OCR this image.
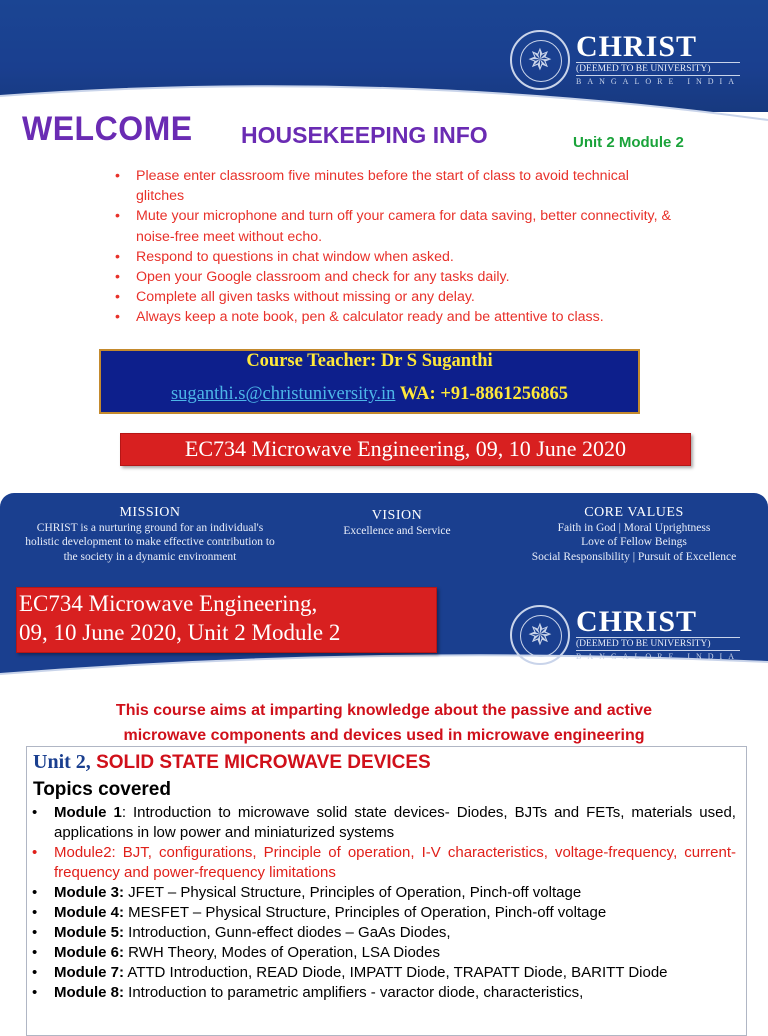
✵ CHRIST
(DEEMED TO BE UNIVERSITY)
BANGALORE INDIA
WELCOME HOUSEKEEPING INFO	Unit 2 Module 2
• Please enter classroom five minutes before the start of class to avoid technical glitches
• Mute your microphone and turn off your camera for data saving, better connectivity, & noise-free meet without echo.
• Respond to questions in chat window when asked.
• Open your Google classroom and check for any tasks daily.
• Complete all given tasks without missing or any delay.
• Always keep a note book, pen & calculator ready and be attentive to class.
Course Teacher: Dr S Suganthi
suganthi.s@christuniversity.in WA: +91-8861256865
EC734 Microwave Engineering, 09, 10 June 2020
MISSION
CHRIST is a nurturing ground for an individual's
holistic development to make effective contribution to
the society in a dynamic environment
VISION
Excellence and Service
CORE VALUES
Faith in God | Moral Uprightness
Love of Fellow Beings
Social Responsibility | Pursuit of Excellence
EC734 Microwave Engineering,
09, 10 June 2020, Unit 2 Module 2	✵ CHRIST
(DEEMED TO BE UNIVERSITY)
BANGALORE INDIA
This course aims at imparting knowledge about the passive and active
microwave components and devices used in microwave engineering
Unit 2, SOLID STATE MICROWAVE DEVICES
Topics covered
• Module 1: Introduction to microwave solid state devices- Diodes, BJTs and FETs, materials used, applications in low power and miniaturized systems
• Module2: BJT, configurations, Principle of operation, I-V characteristics, voltage-frequency, current-frequency and power-frequency limitations
• Module 3: JFET – Physical Structure, Principles of Operation, Pinch-off voltage
• Module 4: MESFET – Physical Structure, Principles of Operation, Pinch-off voltage
• Module 5: Introduction, Gunn-effect diodes – GaAs Diodes,
• Module 6: RWH Theory, Modes of Operation, LSA Diodes
• Module 7: ATTD Introduction, READ Diode, IMPATT Diode, TRAPATT Diode, BARITT Diode
• Module 8: Introduction to parametric amplifiers - varactor diode, characteristics,
